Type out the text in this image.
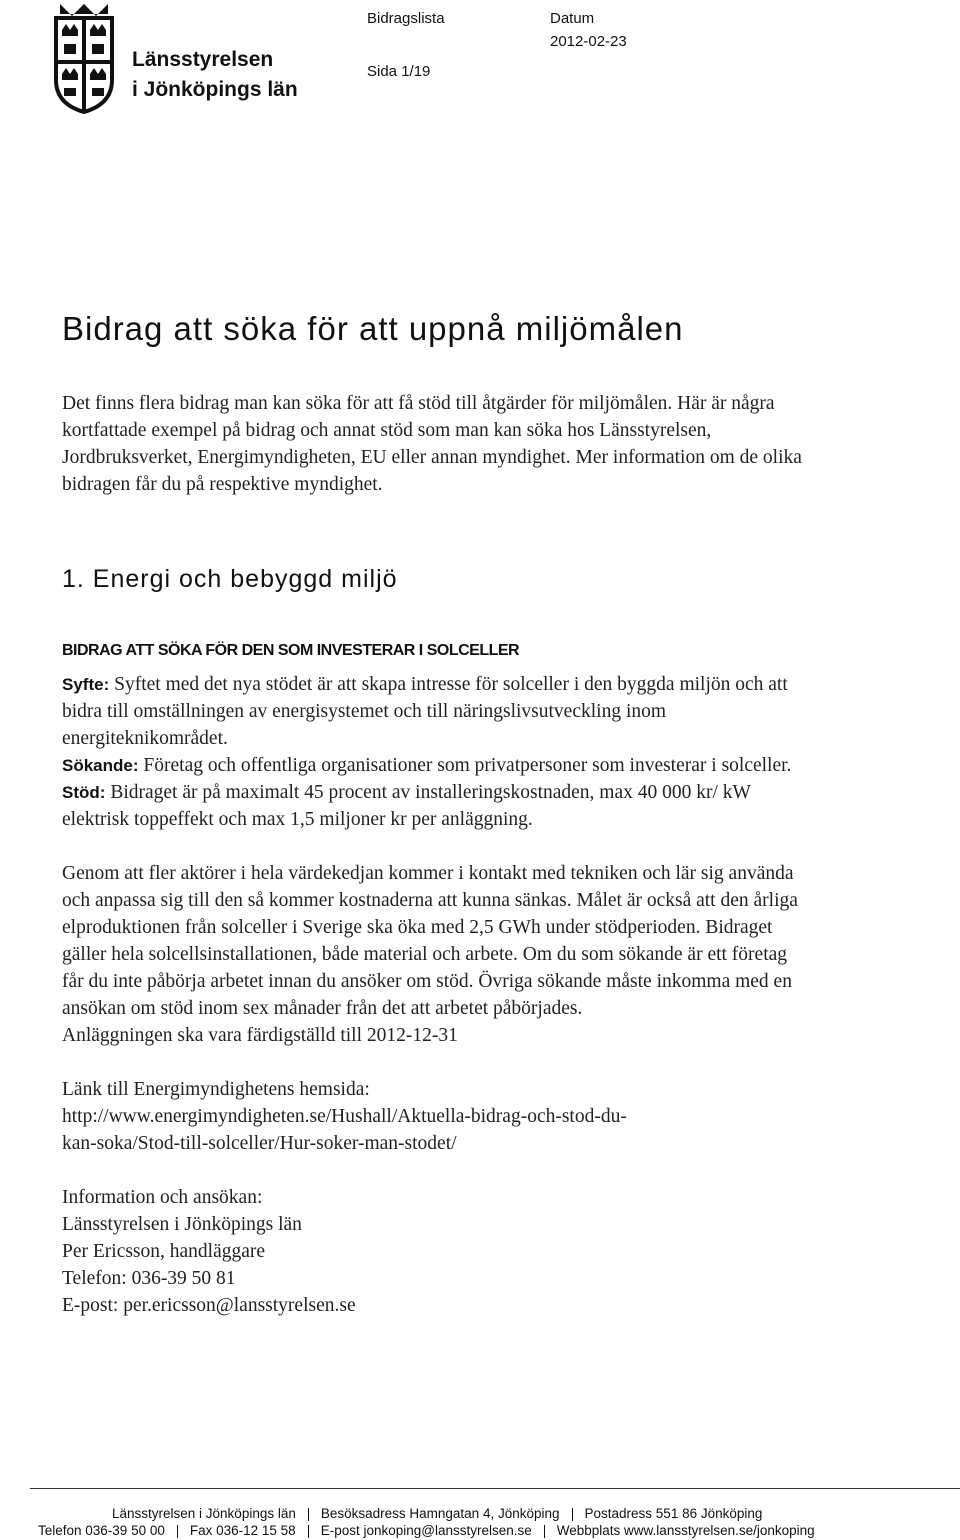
Länsstyrelsen
i Jönköpings län
Bidragslista	Datum
2012-02-23
Sida 1/19
Bidrag att söka för att uppnå miljömålen

Det finns flera bidrag man kan söka för att få stöd till åtgärder för miljömålen. Här är några kortfattade exempel på bidrag och annat stöd som man kan söka hos Länsstyrelsen, Jordbruksverket, Energimyndigheten, EU eller annan myndighet. Mer information om de olika bidragen får du på respektive myndighet.

1. Energi och bebyggd miljö
BIDRAG ATT SÖKA FÖR DEN SOM INVESTERAR I SOLCELLER

Syfte: Syftet med det nya stödet är att skapa intresse för solceller i den byggda miljön och att bidra till omställningen av energisystemet och till näringslivsutveckling inom energiteknikområdet.

Sökande: Företag och offentliga organisationer som privatpersoner som investerar i solceller.

Stöd: Bidraget är på maximalt 45 procent av installeringskostnaden, max 40 000 kr/ kW elektrisk toppeffekt och max 1,5 miljoner kr per anläggning.

Genom att fler aktörer i hela värdekedjan kommer i kontakt med tekniken och lär sig använda och anpassa sig till den så kommer kostnaderna att kunna sänkas. Målet är också att den årliga elproduktionen från solceller i Sverige ska öka med 2,5 GWh under stödperioden. Bidraget gäller hela solcellsinstallationen, både material och arbete. Om du som sökande är ett företag får du inte påbörja arbetet innan du ansöker om stöd. Övriga sökande måste inkomma med en ansökan om stöd inom sex månader från det att arbetet påbörjades.

Anläggningen ska vara färdigställd till 2012-12-31

Länk till Energimyndighetens hemsida:

http://www.energimyndigheten.se/Hushall/Aktuella-bidrag-och-stod-du-

kan-soka/Stod-till-solceller/Hur-soker-man-stodet/

Information och ansökan:

Länsstyrelsen i Jönköpings län

Per Ericsson, handläggare

Telefon: 036-39 50 81

E-post: per.ericsson@lansstyrelsen.se

Länsstyrelsen i Jönköpings län Besöksadress Hamngatan 4, Jönköping Postadress 551 86 Jönköping
Telefon 036-39 50 00 Fax 036-12 15 58 E-post jonkoping@lansstyrelsen.se Webbplats www.lansstyrelsen.se/jonkoping
